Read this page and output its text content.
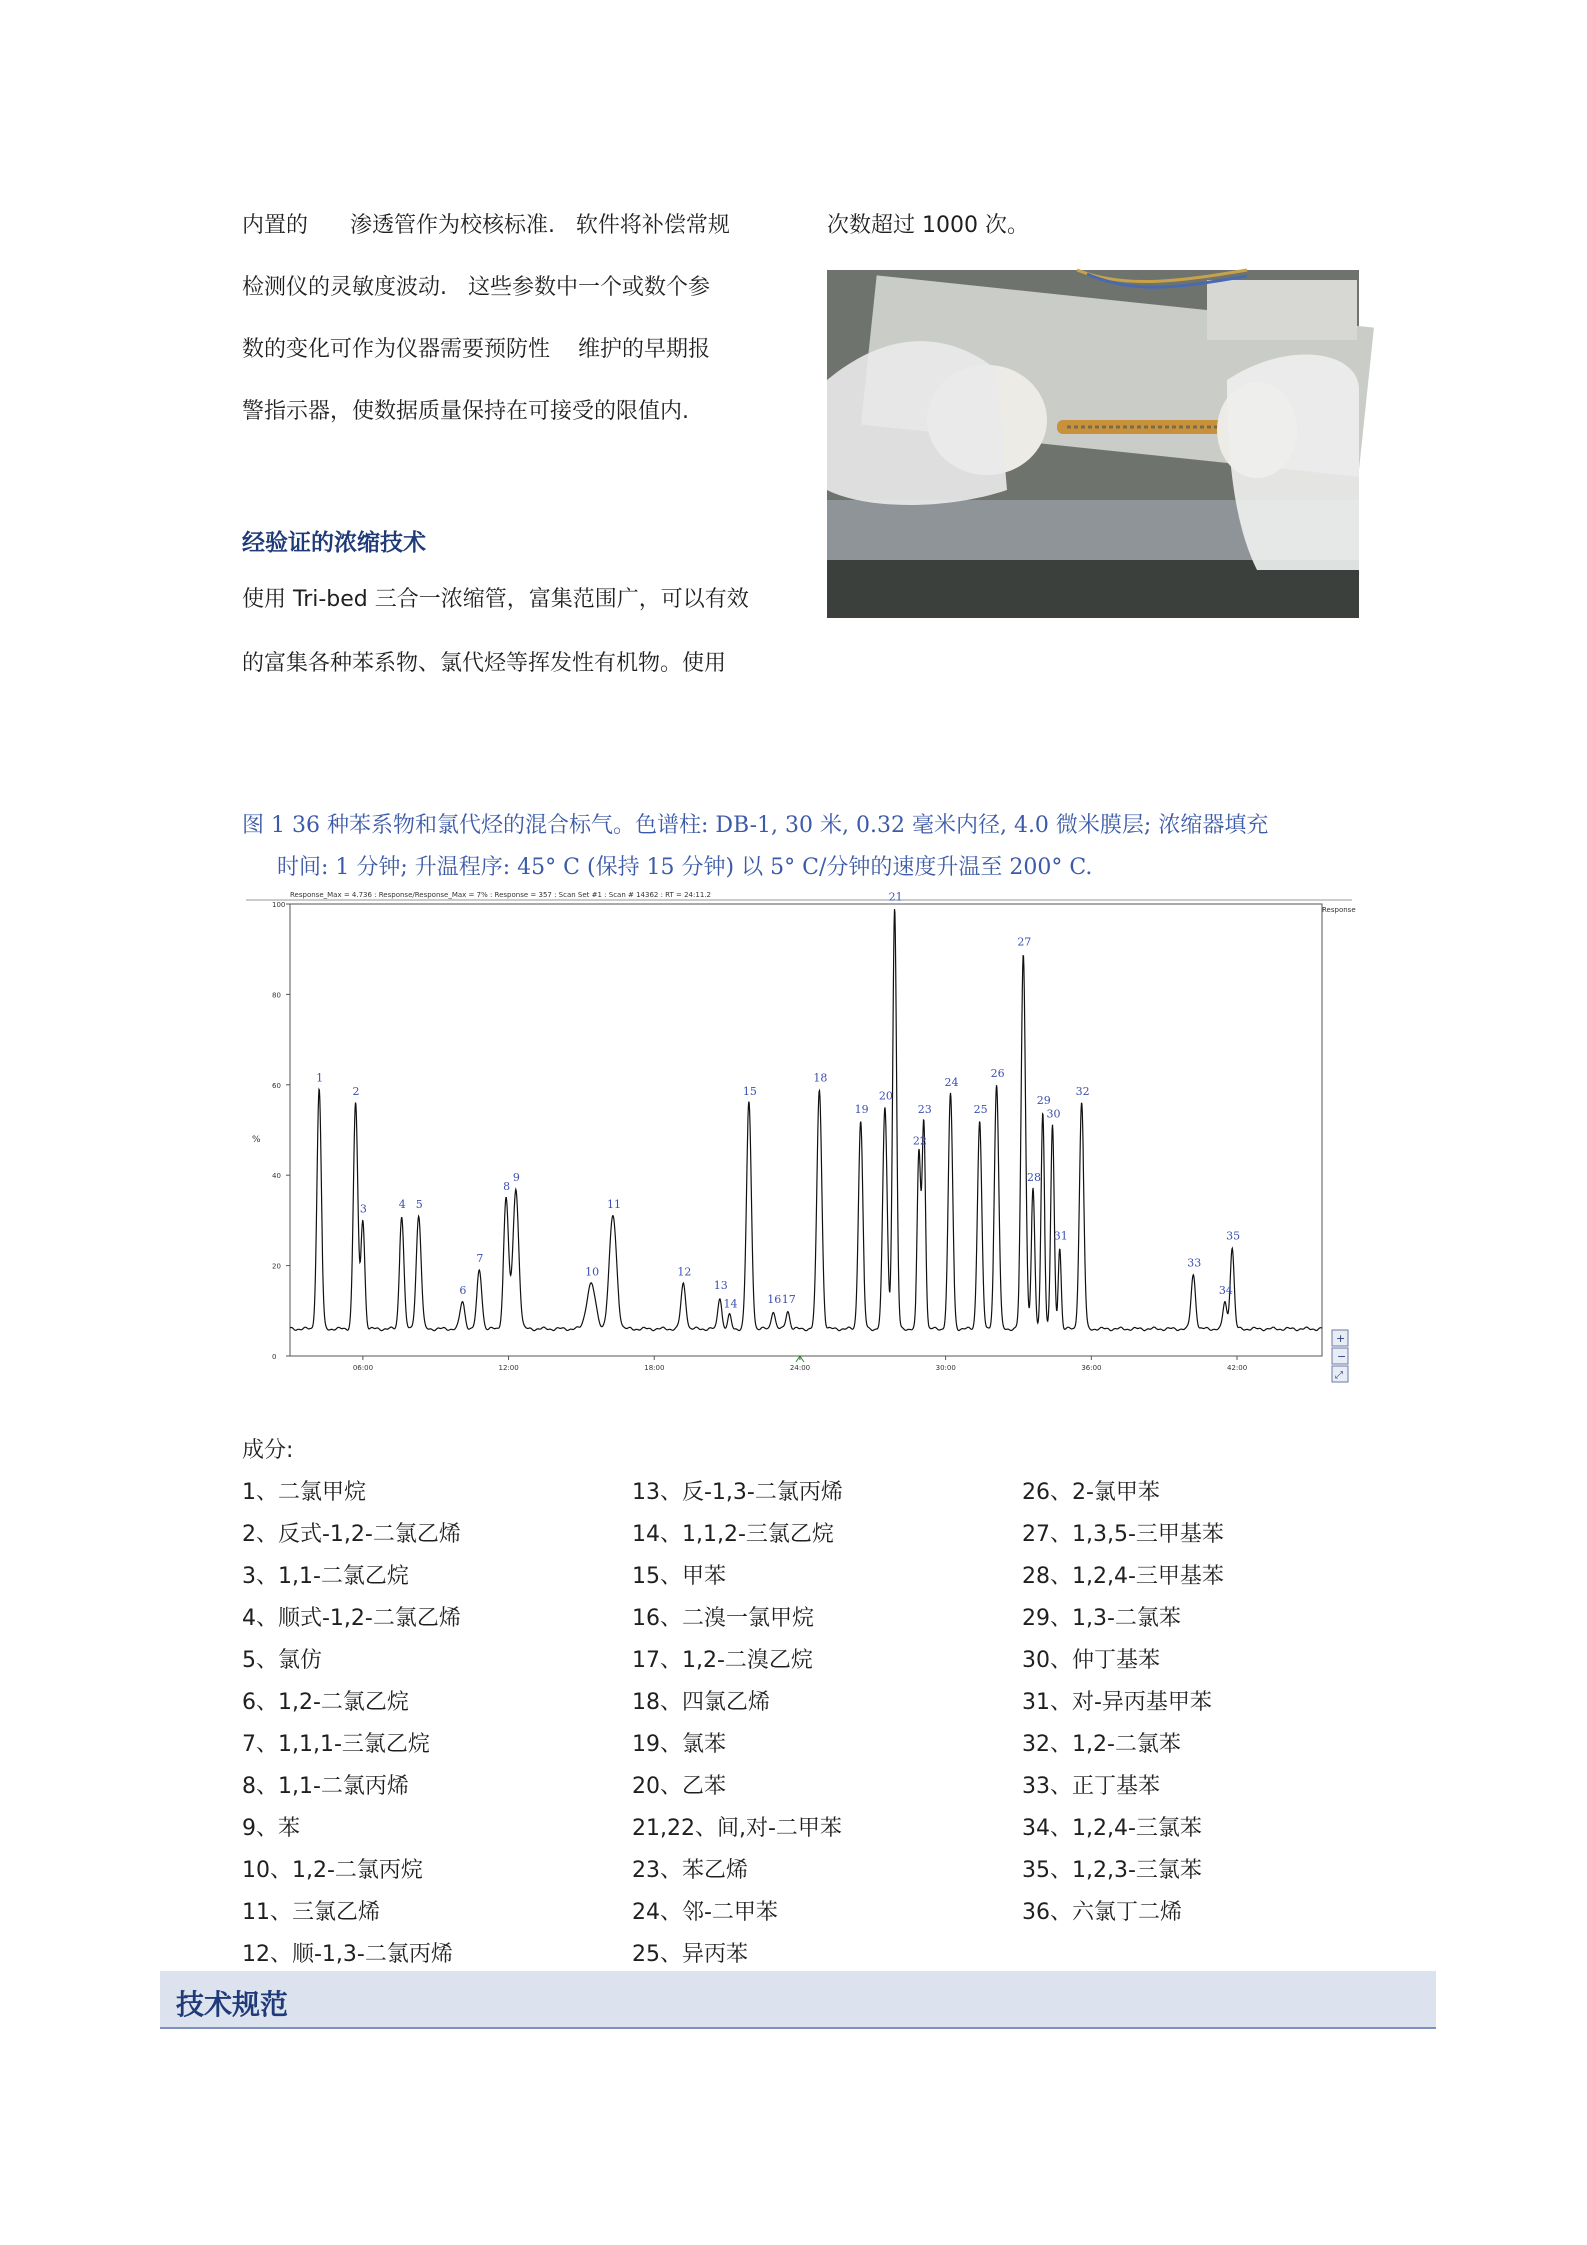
内置的      渗透管作为校核标准.   软件将补偿常规
检测仪的灵敏度波动.   这些参数中一个或数个参
数的变化可作为仪器需要预防性    维护的早期报
警指示器，使数据质量保持在可接受的限值内.
经验证的浓缩技术
使用 Tri-bed 三合一浓缩管，富集范围广，可以有效
的富集各种苯系物、氯代烃等挥发性有机物。使用
次数超过 1000 次。
图 1 36 种苯系物和氯代烃的混合标气。色谱柱: DB-1, 30 米, 0.32 毫米内径, 4.0 微米膜层; 浓缩器填充
时间: 1 分钟; 升温程序: 45° C (保持 15 分钟) 以 5° C/分钟的速度升温至 200° C.
Response_Max = 4.736 : Response/Response_Max = 7% : Response = 357 : Scan Set #1 : Scan # 14362 : RT = 24:11.2
Response
%
100
80
60
40
20
0
06:00	12:00	18:00	24:00	30:00	36:00	42:00
1
2
3	4 5
6
7
8
9
10
11
12
13
14
15
16 17
18
19
20
21
22
23
24
25
26
27
28
29
30
31
32
33
34
35
+
−
⤢
成分:
1、二氯甲烷
2、反式-1,2-二氯乙烯
3、1,1-二氯乙烷
4、顺式-1,2-二氯乙烯
5、氯仿
6、1,2-二氯乙烷
7、1,1,1-三氯乙烷
8、1,1-二氯丙烯
9、苯
10、1,2-二氯丙烷
11、三氯乙烯
12、顺-1,3-二氯丙烯
13、反-1,3-二氯丙烯
14、1,1,2-三氯乙烷
15、甲苯
16、二溴一氯甲烷
17、1,2-二溴乙烷
18、四氯乙烯
19、氯苯
20、乙苯
21,22、间,对-二甲苯
23、苯乙烯
24、邻-二甲苯
25、异丙苯
26、2-氯甲苯
27、1,3,5-三甲基苯
28、1,2,4-三甲基苯
29、1,3-二氯苯
30、仲丁基苯
31、对-异丙基甲苯
32、1,2-二氯苯
33、正丁基苯
34、1,2,4-三氯苯
35、1,2,3-三氯苯
36、六氯丁二烯
技术规范
